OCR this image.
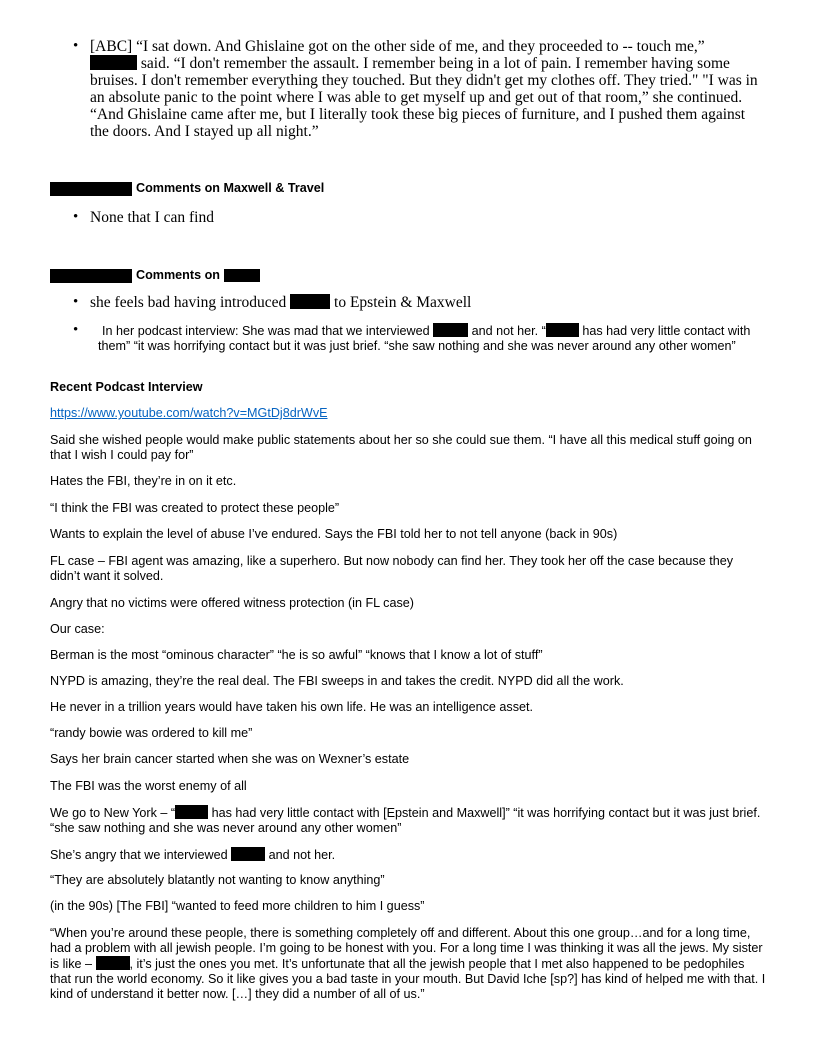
• [ABC] “I sat down. And Ghislaine got on the other side of me, and they proceeded to -- touch me,”
said. “I don't remember the assault. I remember being in a lot of pain. I remember having some bruises. I don't remember everything they touched. But they didn't get my clothes off. They tried." "I was in an absolute panic to the point where I was able to get myself up and get out of that room,” she continued. “And Ghislaine came after me, but I literally took these big pieces of furniture, and I pushed them against the doors. And I stayed up all night.”
Comments on Maxwell & Travel
• None that I can find
Comments on
• she feels bad having introduced	to Epstein & Maxwell
•	In her podcast interview: She was mad that we interviewed	and not her. “	has had very little contact with them” “it was horrifying contact but it was just brief. “she saw nothing and she was never around any other women”
Recent Podcast Interview
https://www.youtube.com/watch?v=MGtDj8drWvE
Said she wished people would make public statements about her so she could sue them. “I have all this medical stuff going on that I wish I could pay for”
Hates the FBI, they’re in on it etc.
“I think the FBI was created to protect these people”
Wants to explain the level of abuse I’ve endured. Says the FBI told her to not tell anyone (back in 90s)
FL case – FBI agent was amazing, like a superhero. But now nobody can find her. They took her off the case because they didn’t want it solved.
Angry that no victims were offered witness protection (in FL case)
Our case:
Berman is the most “ominous character” “he is so awful” “knows that I know a lot of stuff”
NYPD is amazing, they’re the real deal. The FBI sweeps in and takes the credit. NYPD did all the work.
He never in a trillion years would have taken his own life. He was an intelligence asset.
“randy bowie was ordered to kill me”
Says her brain cancer started when she was on Wexner’s estate
The FBI was the worst enemy of all
We go to New York – “	has had very little contact with [Epstein and Maxwell]” “it was horrifying contact but it was just brief. “she saw nothing and she was never around any other women”
She’s angry that we interviewed	and not her.
“They are absolutely blatantly not wanting to know anything”
(in the 90s) [The FBI] “wanted to feed more children to him I guess”
“When you’re around these people, there is something completely off and different. About this one group…and for a long time, had a problem with all jewish people. I’m going to be honest with you. For a long time I was thinking it was all the jews. My sister is like –	, it’s just the ones you met. It’s unfortunate that all the jewish people that I met also happened to be pedophiles that run the world economy. So it like gives you a bad taste in your mouth. But David Iche [sp?] has kind of helped me with that. I kind of understand it better now. […] they did a number of all of us.”
